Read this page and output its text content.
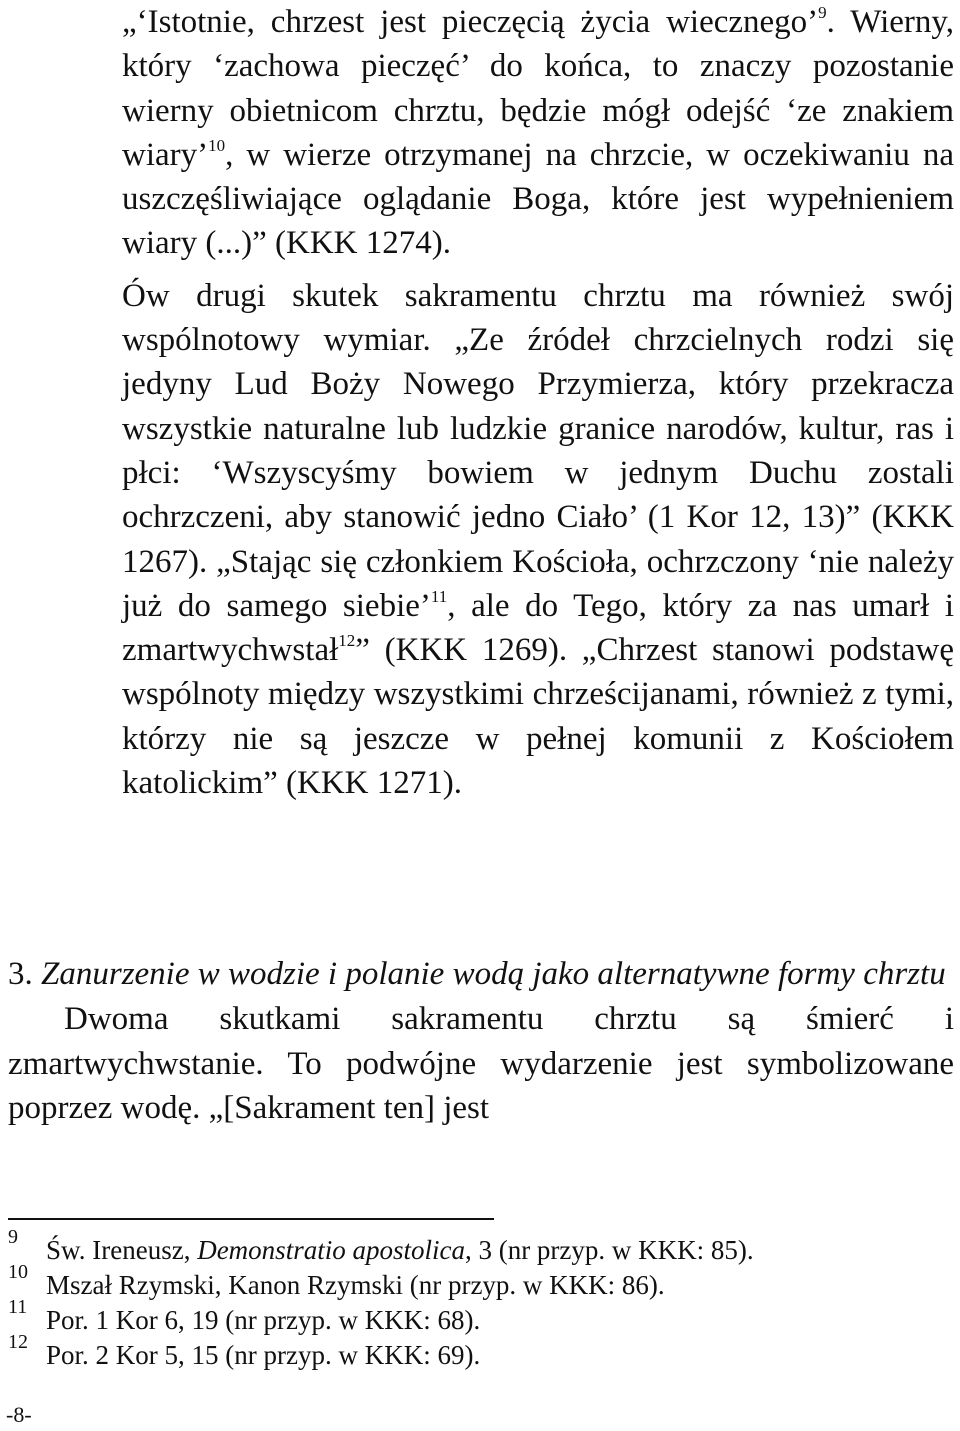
„‘Istotnie, chrzest jest pieczęcią życia wiecznego’$^9$. Wierny, który ‘zachowa pieczęć’ do końca, to znaczy pozostanie wierny obietnicom chrztu, będzie mógł odejść ‘ze znakiem wiary’$^{10}$, w wierze otrzymanej na chrzcie, w oczekiwaniu na uszczęśliwiające oglądanie Boga, które jest wypełnieniem wiary (...)” (KKK 1274).

Ów drugi skutek sakramentu chrztu ma również swój wspólnotowy wymiar. „Ze źródeł chrzcielnych rodzi się jedyny Lud Boży Nowego Przymierza, który przekracza wszystkie naturalne lub ludzkie granice narodów, kultur, ras i płci: ‘Wszyscyśmy bowiem w jednym Duchu zostali ochrzczeni, aby stanowić jedno Ciało’ (1 Kor 12, 13)” (KKK 1267). „Stając się członkiem Kościoła, ochrzczony ‘nie należy już do samego siebie’$^{11}$, ale do Tego, który za nas umarł i zmartwychwstał$^{12}$” (KKK 1269). „Chrzest stanowi podstawę wspólnoty między wszystkimi chrześcijanami, również z tymi, którzy nie są jeszcze w pełnej komunii z Kościołem katolickim” (KKK 1271).

3. Zanurzenie w wodzie i polanie wodą jako alternatywne formy chrztu

Dwoma skutkami sakramentu chrztu są śmierć i zmartwychwstanie. To podwójne wydarzenie jest symbolizowane poprzez wodę. „[Sakrament ten] jest

9 Św. Ireneusz, Demonstratio apostolica, 3 (nr przyp. w KKK: 85).
10 Mszał Rzymski, Kanon Rzymski (nr przyp. w KKK: 86).
11 Por. 1 Kor 6, 19 (nr przyp. w KKK: 68).
12 Por. 2 Kor 5, 15 (nr przyp. w KKK: 69).
-8-
